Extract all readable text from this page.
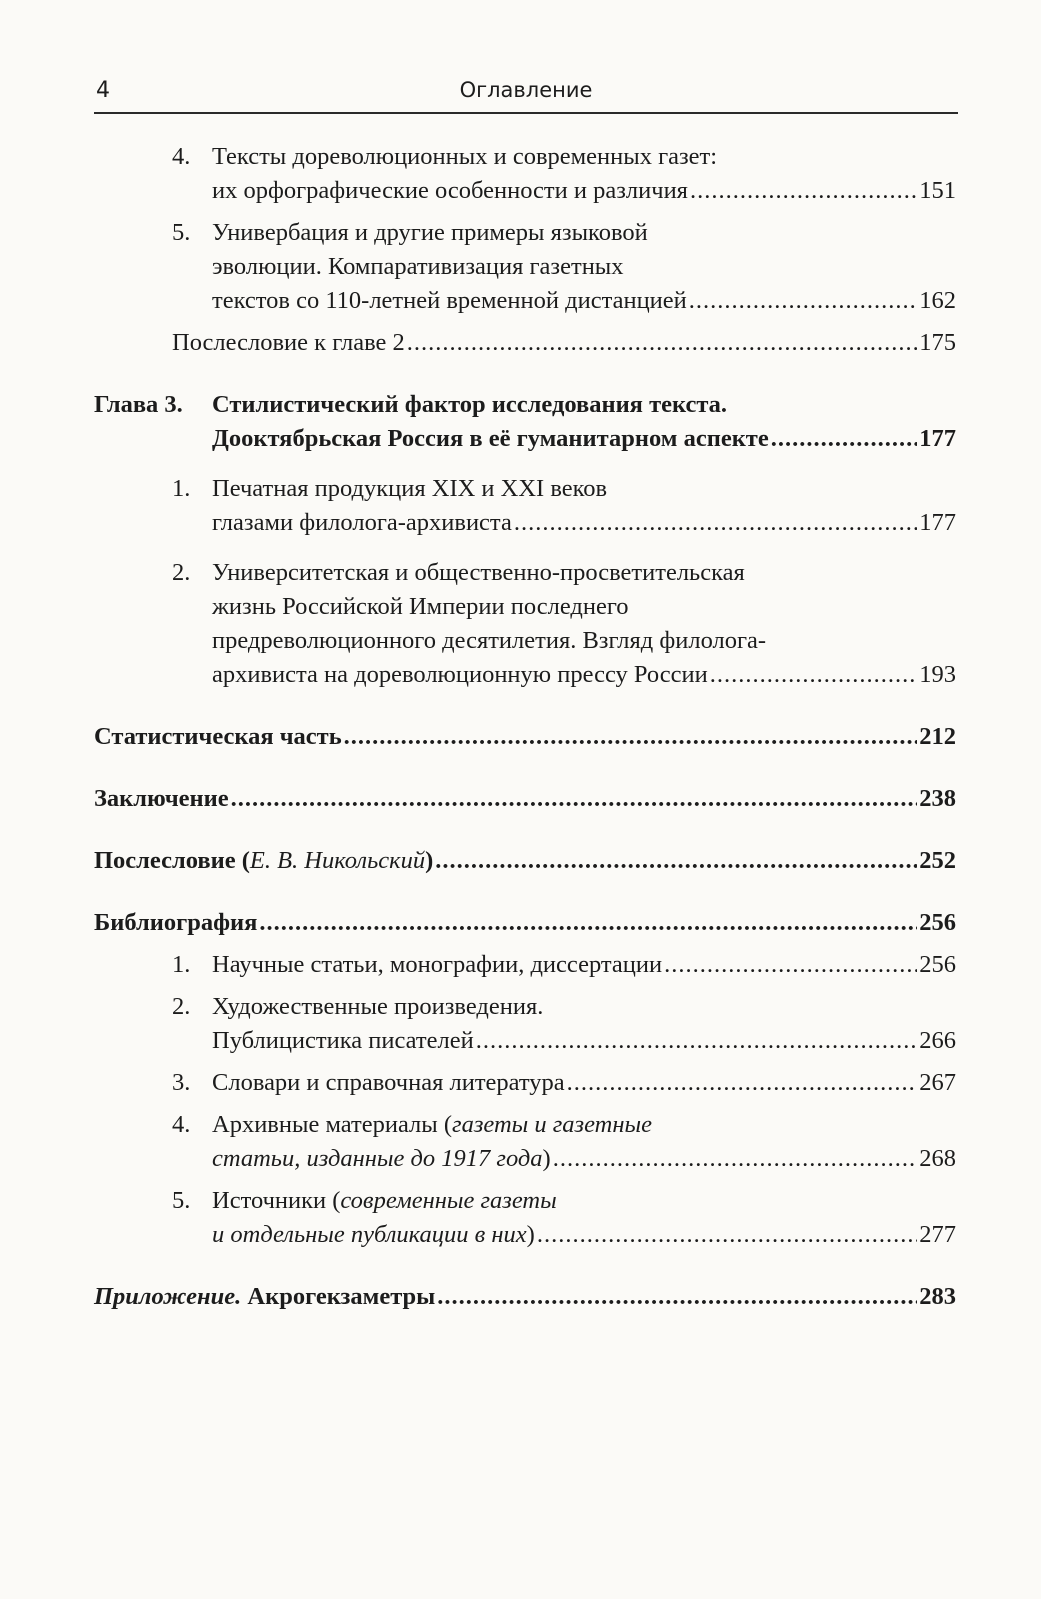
4	Оглавление
4. Тексты дореволюционных и современных газет:
их орфографические особенности и различия .....	151
5. Универбация и другие примеры языковой
эволюции. Компаративизация газетных
текстов со 110-летней временной дистанцией .....	162
Послесловие к главе 2 .....	175
Глава 3. Стилистический фактор исследования текста.
Дооктябрьская Россия в её гуманитарном аспекте .....	177
1. Печатная продукция XIX и XXI веков
глазами филолога-архивиста .....	177
2. Университетская и общественно-просветительская
жизнь Российской Империи последнего
предреволюционного десятилетия. Взгляд филолога-
архивиста на дореволюционную прессу России .....	193
Статистическая часть .....	212
Заключение .....	238
Послесловие (Е. В. Никольский) .....	252
Библиография .....	256
1. Научные статьи, монографии, диссертации .....	256
2. Художественные произведения.
Публицистика писателей .....	266
3. Словари и справочная литература .....	267
4. Архивные материалы (газеты и газетные
статьи, изданные до 1917 года) .....	268
5. Источники (современные газеты
и отдельные публикации в них) .....	277
Приложение. Акрогекзаметры .....	283
